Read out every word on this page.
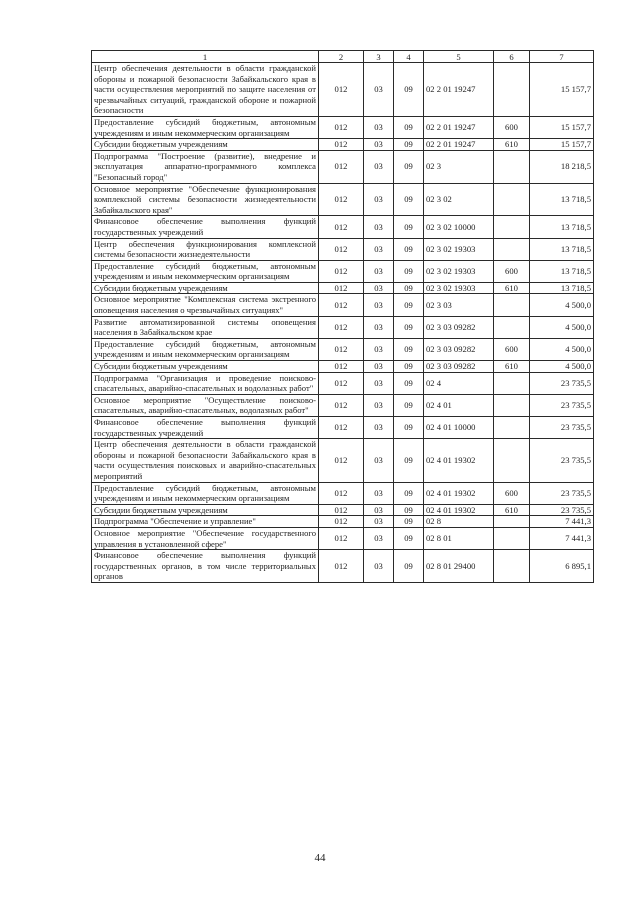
1	2	3	4	5	6	7
Центр обеспечения деятельности в области гражданской обороны и пожарной безопасности Забайкальского края в части осуществления мероприятий по защите населения от чрезвычайных ситуаций, гражданской обороне и пожарной безопасности	012	03	09	02 2 01 19247		15 157,7
Предоставление субсидий бюджетным, автономным учреждениям и иным некоммерческим организациям	012	03	09	02 2 01 19247	600	15 157,7
Субсидии бюджетным учреждениям	012	03	09	02 2 01 19247	610	15 157,7
Подпрограмма "Построение (развитие), внедрение и эксплуатация аппаратно-программного комплекса "Безопасный город"	012	03	09	02 3		18 218,5
Основное мероприятие "Обеспечение функционирования комплексной системы безопасности жизнедеятельности Забайкальского края"	012	03	09	02 3 02		13 718,5
Финансовое обеспечение выполнения функций государственных учреждений	012	03	09	02 3 02 10000		13 718,5
Центр обеспечения функционирования комплексной системы безопасности жизнедеятельности	012	03	09	02 3 02 19303		13 718,5
Предоставление субсидий бюджетным, автономным учреждениям и иным некоммерческим организациям	012	03	09	02 3 02 19303	600	13 718,5
Субсидии бюджетным учреждениям	012	03	09	02 3 02 19303	610	13 718,5
Основное мероприятие "Комплексная система экстренного оповещения населения о чрезвычайных ситуациях"	012	03	09	02 3 03		4 500,0
Развитие автоматизированной системы оповещения населения в Забайкальском крае	012	03	09	02 3 03 09282		4 500,0
Предоставление субсидий бюджетным, автономным учреждениям и иным некоммерческим организациям	012	03	09	02 3 03 09282	600	4 500,0
Субсидии бюджетным учреждениям	012	03	09	02 3 03 09282	610	4 500,0
Подпрограмма "Организация и проведение поисково-спасательных, аварийно-спасательных и водолазных работ"	012	03	09	02 4		23 735,5
Основное мероприятие "Осуществление поисково-спасательных, аварийно-спасательных, водолазных работ"	012	03	09	02 4 01		23 735,5
Финансовое обеспечение выполнения функций государственных учреждений	012	03	09	02 4 01 10000		23 735,5
Центр обеспечения деятельности в области гражданской обороны и пожарной безопасности Забайкальского края в части осуществления поисковых и аварийно-спасательных мероприятий	012	03	09	02 4 01 19302		23 735,5
Предоставление субсидий бюджетным, автономным учреждениям и иным некоммерческим организациям	012	03	09	02 4 01 19302	600	23 735,5
Субсидии бюджетным учреждениям	012	03	09	02 4 01 19302	610	23 735,5
Подпрограмма "Обеспечение и управление"	012	03	09	02 8		7 441,3
Основное мероприятие "Обеспечение государственного управления в установленной сфере"	012	03	09	02 8 01		7 441,3
Финансовое обеспечение выполнения функций государственных органов, в том числе территориальных органов	012	03	09	02 8 01 29400		6 895,1
44
